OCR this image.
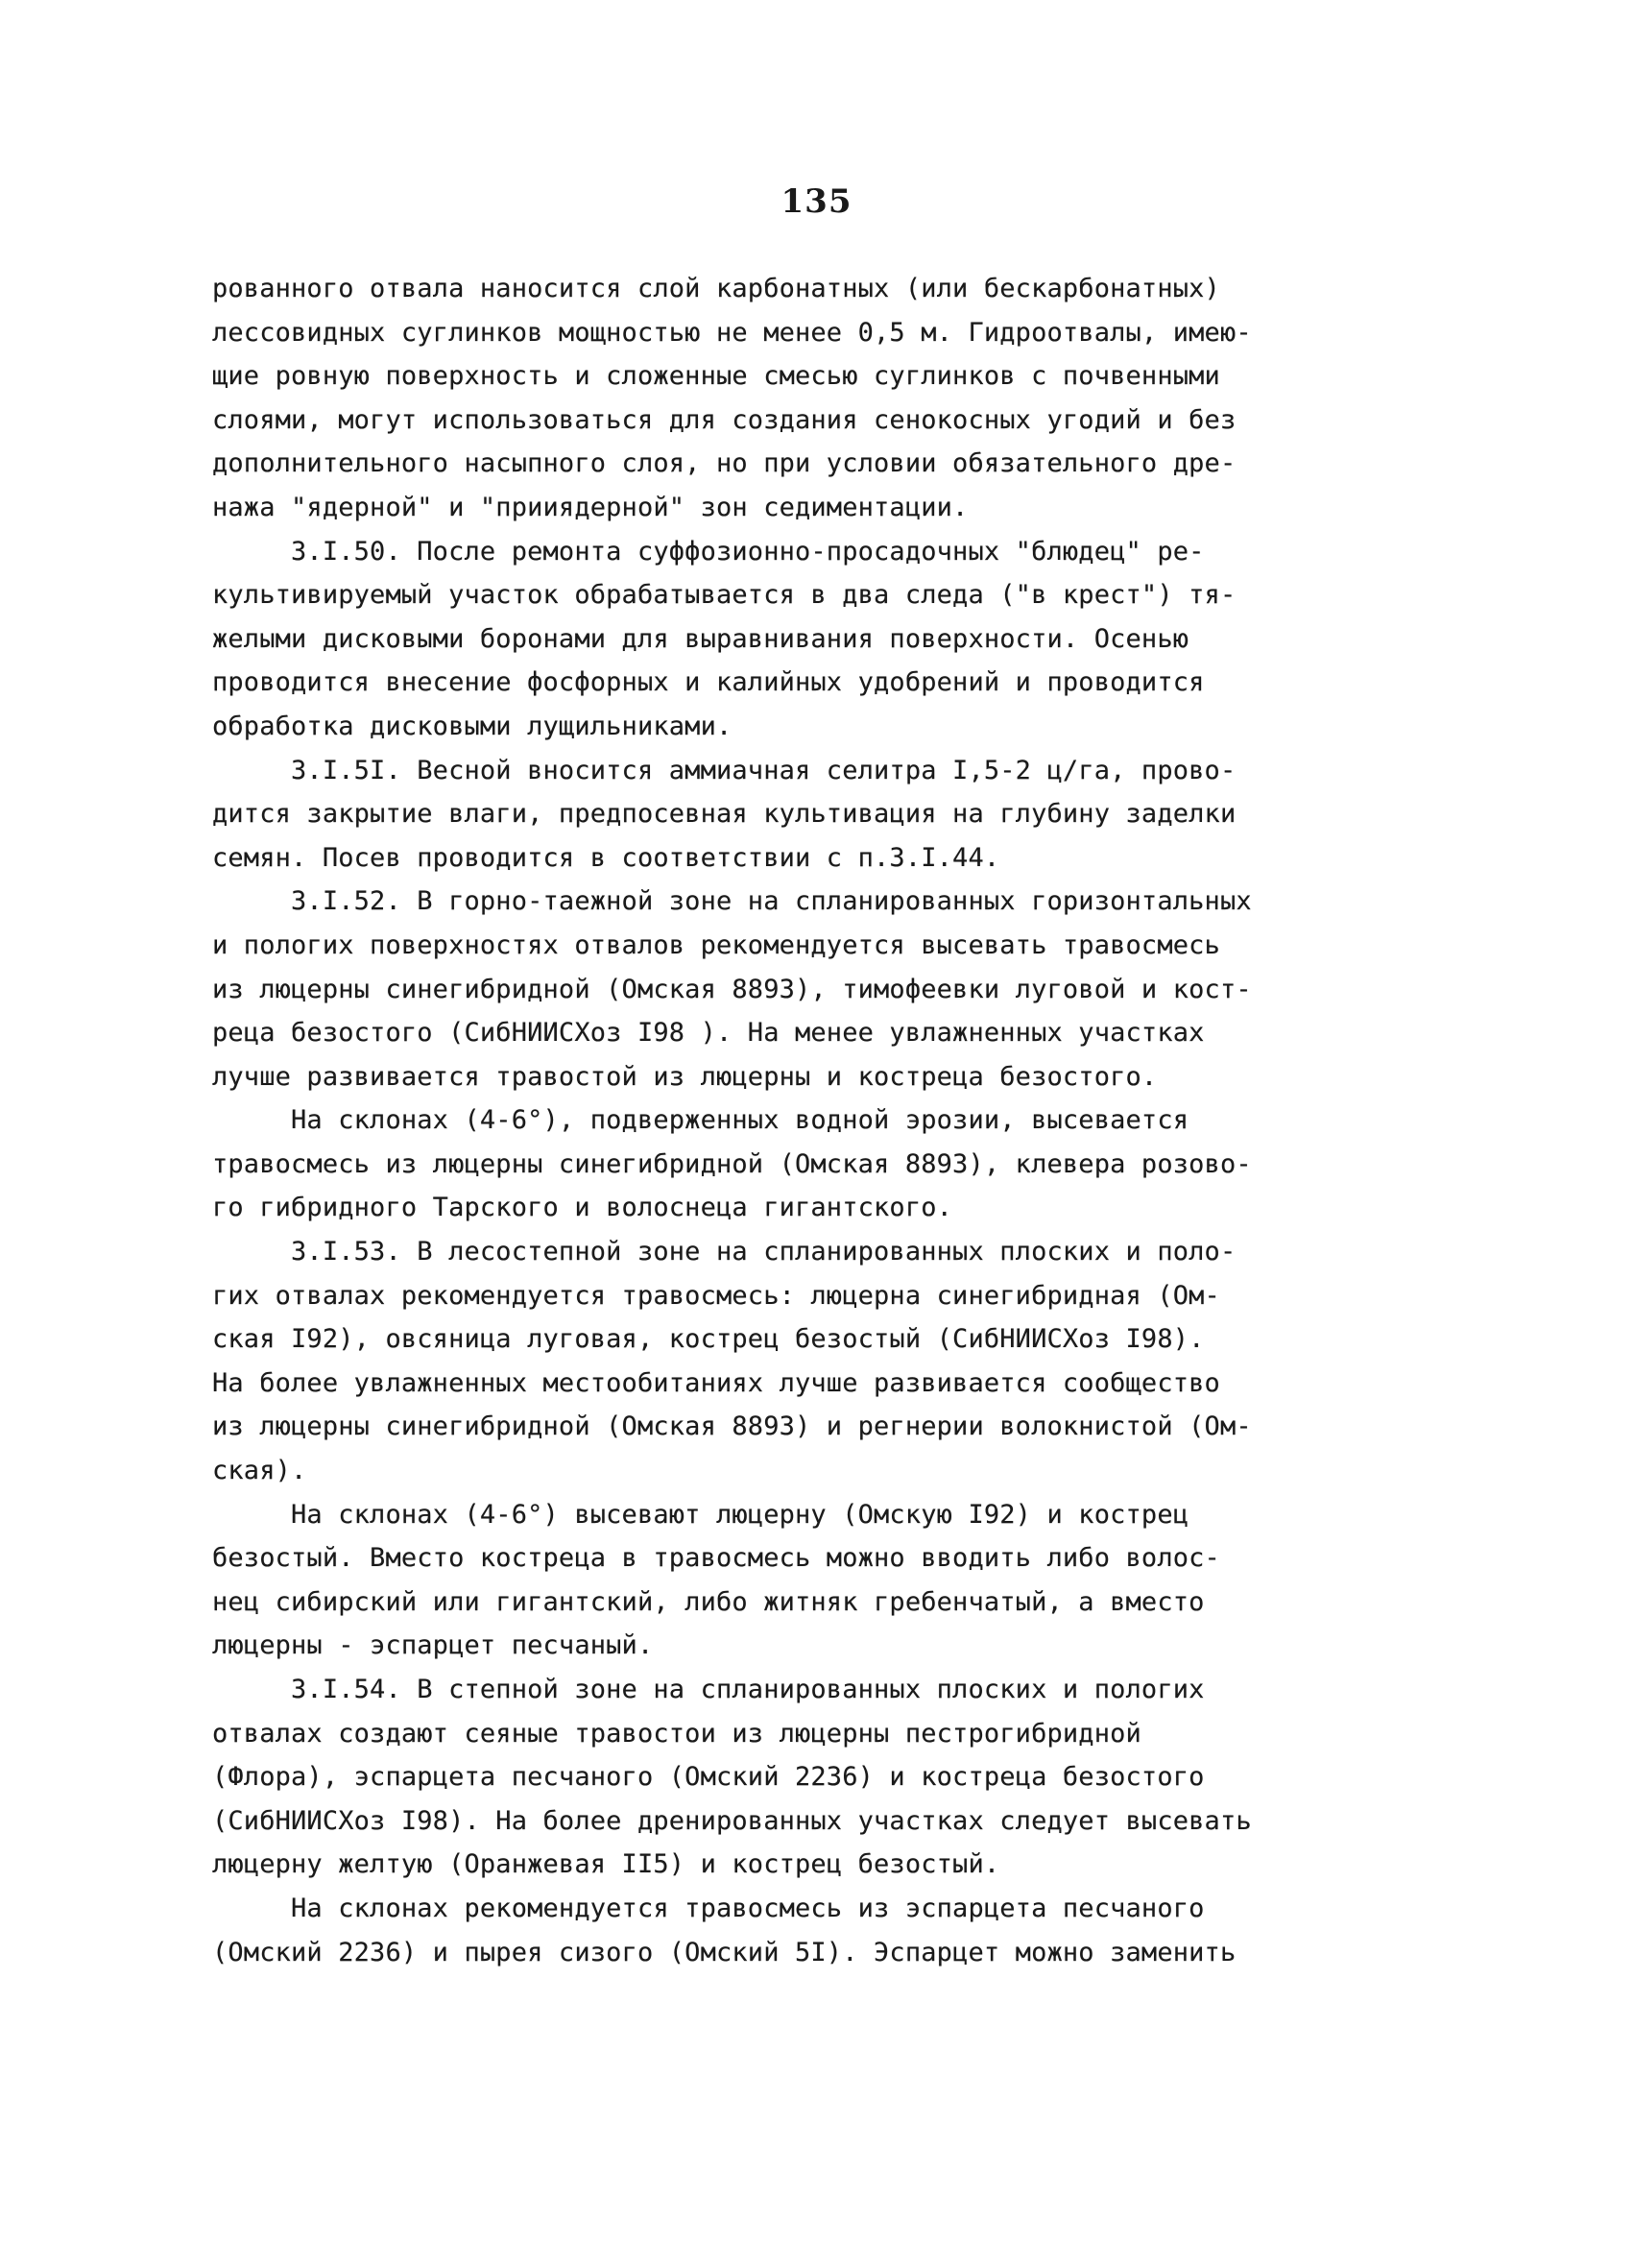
135
рованного отвала наносится слой карбонатных (или бескарбонатных)
лессовидных суглинков мощностью не менее 0,5 м. Гидроотвалы, имею-
щие ровную поверхность и сложенные смесью суглинков с почвенными
слоями, могут использоваться для создания сенокосных угодий и без
дополнительного насыпного слоя, но при условии обязательного дре-
нажа "ядерной" и "прииядерной" зон седиментации.
3.I.50. После ремонта суффозионно-просадочных "блюдец" ре-
культивируемый участок обрабатывается в два следа ("в крест") тя-
желыми дисковыми боронами для выравнивания поверхности. Осенью
проводится внесение фосфорных и калийных удобрений и проводится
обработка дисковыми лущильниками.
3.I.5I. Весной вносится аммиачная селитра I,5-2 ц/га, прово-
дится закрытие влаги, предпосевная культивация на глубину заделки
семян. Посев проводится в соответствии с п.3.I.44.
3.I.52. В горно-таежной зоне на спланированных горизонтальных
и пологих поверхностях отвалов рекомендуется высевать травосмесь
из люцерны синегибридной (Омская 8893), тимофеевки луговой и кост-
реца безостого (СибНИИСХоз I98 ). На менее увлажненных участках
лучше развивается травостой из люцерны и костреца безостого.
На склонах (4-6°), подверженных водной эрозии, высевается
травосмесь из люцерны синегибридной (Омская 8893), клевера розово-
го гибридного Тарского и волоснеца гигантского.
3.I.53. В лесостепной зоне на спланированных плоских и поло-
гих отвалах рекомендуется травосмесь: люцерна синегибридная (Ом-
ская I92), овсяница луговая, кострец безостый (СибНИИСХоз I98).
На более увлажненных местообитаниях лучше развивается сообщество
из люцерны синегибридной (Омская 8893) и регнерии волокнистой (Ом-
ская).
На склонах (4-6°) высевают люцерну (Омскую I92) и кострец
безостый. Вместо костреца в травосмесь можно вводить либо волос-
нец сибирский или гигантский, либо житняк гребенчатый, а вместо
люцерны - эспарцет песчаный.
3.I.54. В степной зоне на спланированных плоских и пологих
отвалах создают сеяные травостои из люцерны пестрогибридной
(Флора), эспарцета песчаного (Омский 2236) и костреца безостого
(СибНИИСХоз I98). На более дренированных участках следует высевать
люцерну желтую (Оранжевая II5) и кострец безостый.
На склонах рекомендуется травосмесь из эспарцета песчаного
(Омский 2236) и пырея сизого (Омский 5I). Эспарцет можно заменить
